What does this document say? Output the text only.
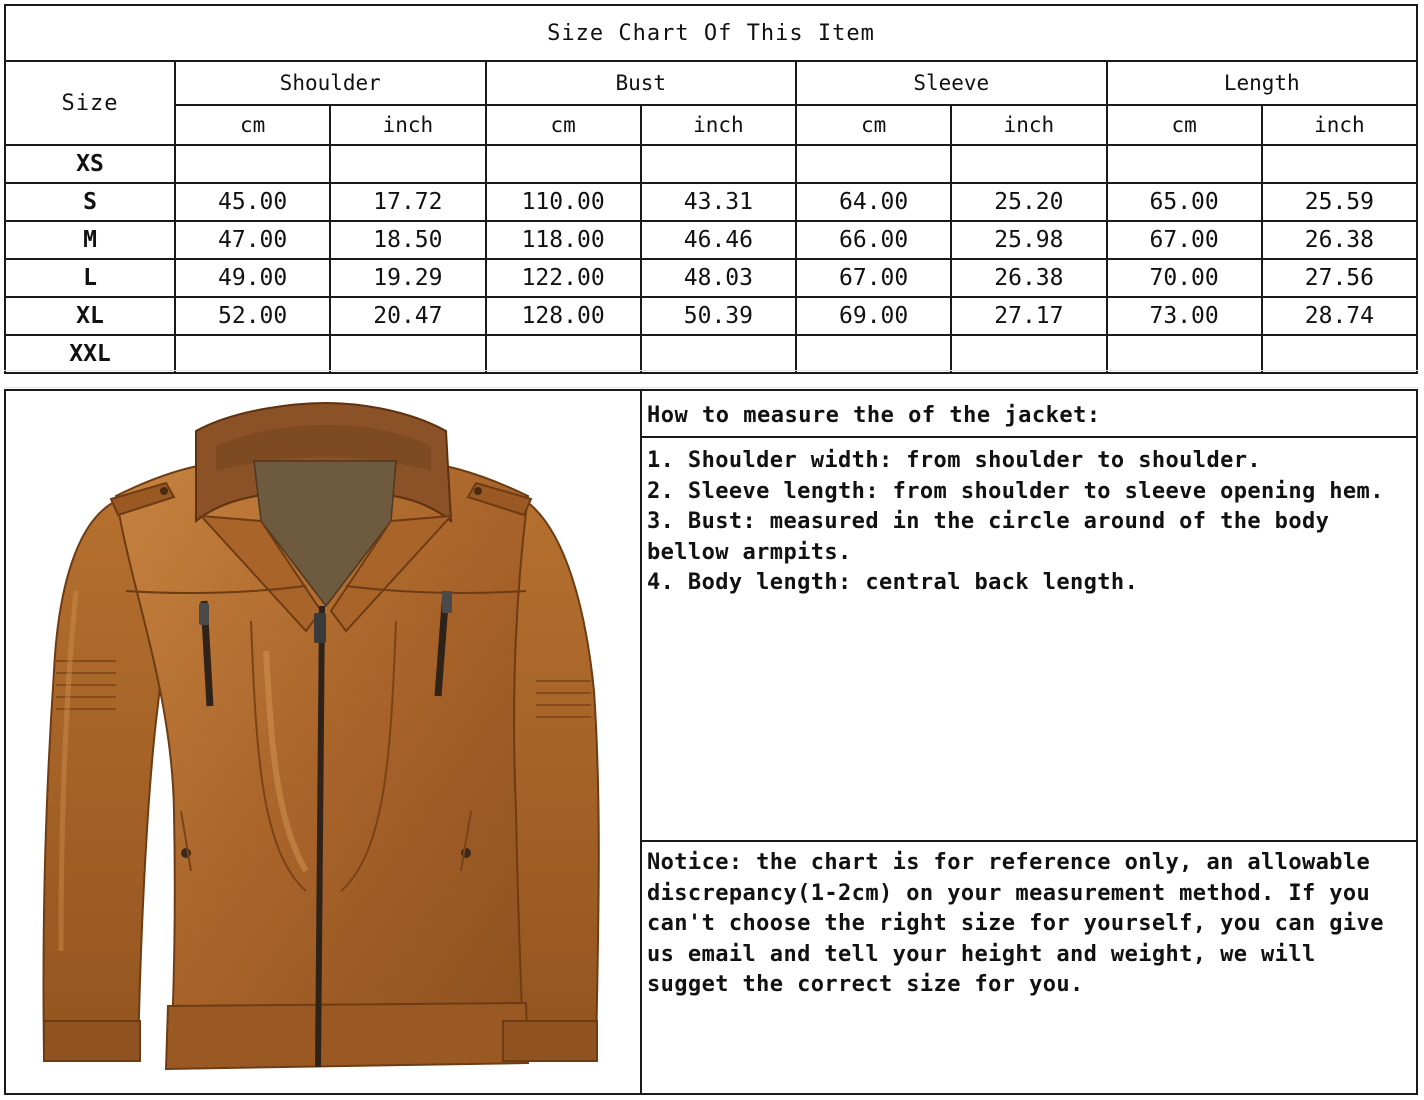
Size Chart Of This Item								
Size	Shoulder		Bust		Sleeve		Length	
	cm	inch	cm	inch	cm	inch	cm	inch
XS								
S	45.00	17.72	110.00	43.31	64.00	25.20	65.00	25.59
M	47.00	18.50	118.00	46.46	66.00	25.98	67.00	26.38
L	49.00	19.29	122.00	48.03	67.00	26.38	70.00	27.56
XL	52.00	20.47	128.00	50.39	69.00	27.17	73.00	28.74
XXL								
How to measure the of the jacket:
1. Shoulder width: from shoulder to shoulder.
2. Sleeve length: from shoulder to sleeve opening hem.
3. Bust: measured in the circle around of the body bellow armpits.
4. Body length: central back length.
Notice: the chart is for reference only, an allowable discrepancy(1-2cm) on your measurement method. If you can't choose the right size for yourself, you can give us email and tell your height and weight, we will sugget the correct size for you.
